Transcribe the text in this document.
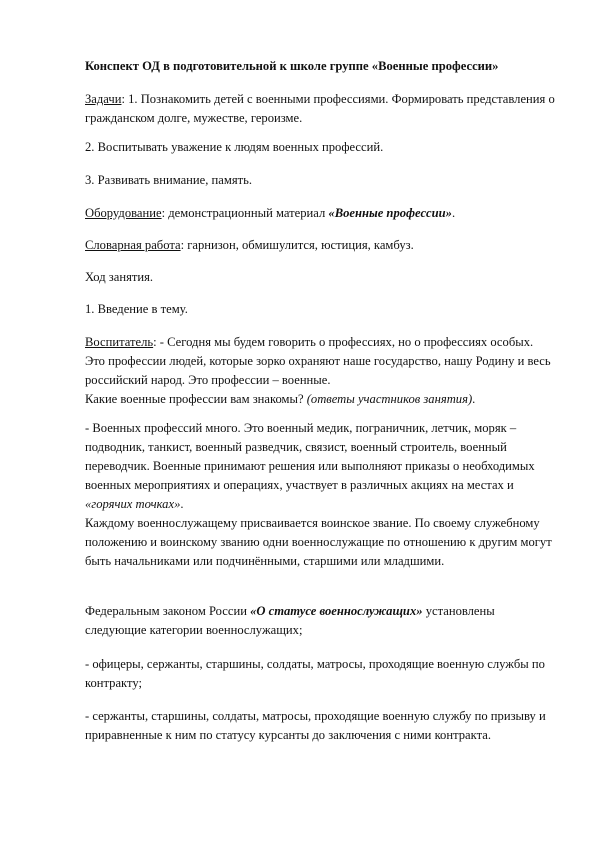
Конспект ОД в подготовительной к школе группе «Военные профессии»

Задачи: 1. Познакомить детей с военными профессиями. Формировать представления о гражданском долге, мужестве, героизме.

2. Воспитывать уважение к людям военных профессий.

3. Развивать внимание, память.

Оборудование: демонстрационный материал «Военные профессии».

Словарная работа: гарнизон, обмишулится, юстиция, камбуз.

Ход занятия.

1. Введение в тему.

Воспитатель: - Сегодня мы будем говорить о профессиях, но о профессиях особых. Это профессии людей, которые зорко охраняют наше государство, нашу Родину и весь российский народ. Это профессии – военные.
Какие военные профессии вам знакомы? (ответы участников занятия).

- Военных профессий много. Это военный медик, пограничник, летчик, моряк – подводник, танкист, военный разведчик, связист, военный строитель, военный переводчик. Военные принимают решения или выполняют приказы о необходимых военных мероприятиях и операциях, участвует в различных акциях на местах и «горячих точках».
Каждому военнослужащему присваивается воинское звание. По своему служебному положению и воинскому званию одни военнослужащие по отношению к другим могут быть начальниками или подчинёнными, старшими или младшими.

Федеральным законом России «О статусе военнослужащих» установлены следующие категории военнослужащих;

- офицеры, сержанты, старшины, солдаты, матросы, проходящие военную службы по контракту;

- сержанты, старшины, солдаты, матросы, проходящие военную службу по призыву и приравненные к ним по статусу курсанты до заключения с ними контракта.
